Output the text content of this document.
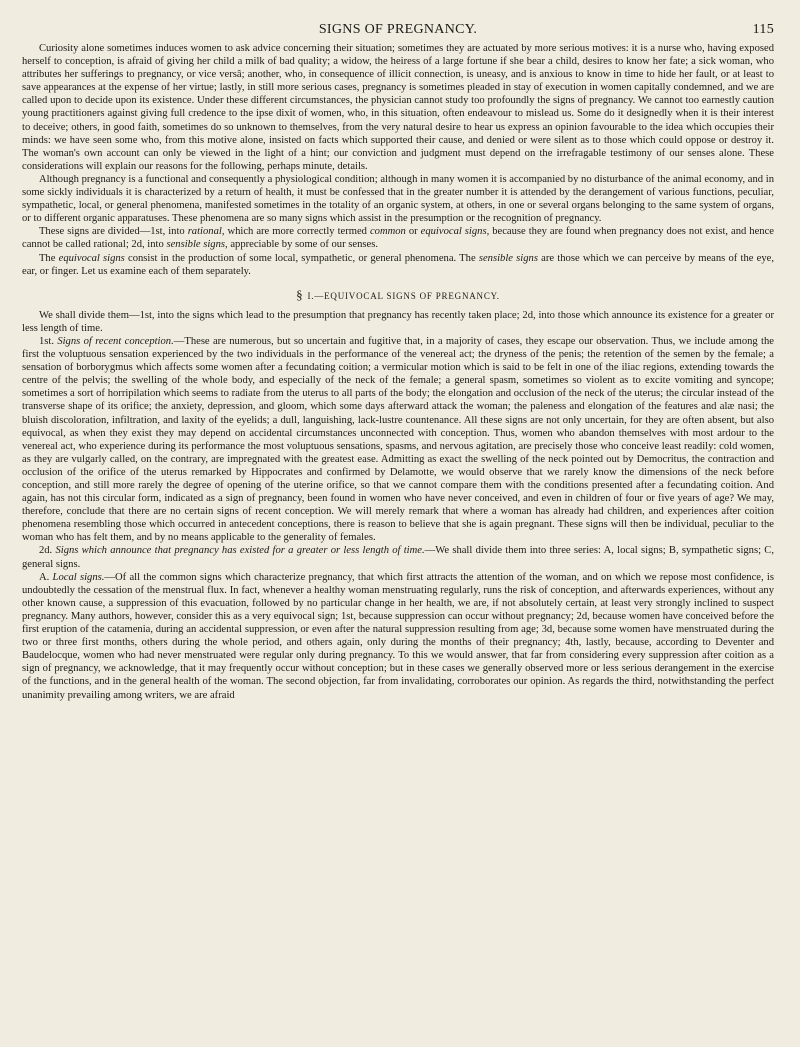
SIGNS OF PREGNANCY.	115

Curiosity alone sometimes induces women to ask advice concerning their situation; sometimes they are actuated by more serious motives: it is a nurse who, having exposed herself to conception, is afraid of giving her child a milk of bad quality; a widow, the heiress of a large fortune if she bear a child, desires to know her fate; a sick woman, who attributes her sufferings to pregnancy, or vice versâ; another, who, in consequence of illicit connection, is uneasy, and is anxious to know in time to hide her fault, or at least to save appearances at the expense of her virtue; lastly, in still more serious cases, pregnancy is sometimes pleaded in stay of execution in women capitally condemned, and we are called upon to decide upon its existence. Under these different circumstances, the physician cannot study too profoundly the signs of pregnancy. We cannot too earnestly caution young practitioners against giving full credence to the ipse dixit of women, who, in this situation, often endeavour to mislead us. Some do it designedly when it is their interest to deceive; others, in good faith, sometimes do so unknown to themselves, from the very natural desire to hear us express an opinion favourable to the idea which occupies their minds: we have seen some who, from this motive alone, insisted on facts which supported their cause, and denied or were silent as to those which could oppose or destroy it. The woman's own account can only be viewed in the light of a hint; our conviction and judgment must depend on the irrefragable testimony of our senses alone. These considerations will explain our reasons for the following, perhaps minute, details.

Although pregnancy is a functional and consequently a physiological condition; although in many women it is accompanied by no disturbance of the animal economy, and in some sickly individuals it is characterized by a return of health, it must be confessed that in the greater number it is attended by the derangement of various functions, peculiar, sympathetic, local, or general phenomena, manifested sometimes in the totality of an organic system, at others, in one or several organs belonging to the same system of organs, or to different organic apparatuses. These phenomena are so many signs which assist in the presumption or the recognition of pregnancy.

These signs are divided—1st, into rational, which are more correctly termed common or equivocal signs, because they are found when pregnancy does not exist, and hence cannot be called rational; 2d, into sensible signs, appreciable by some of our senses.

The equivocal signs consist in the production of some local, sympathetic, or general phenomena. The sensible signs are those which we can perceive by means of the eye, ear, or finger. Let us examine each of them separately.

§ I.—EQUIVOCAL SIGNS OF PREGNANCY.

We shall divide them—1st, into the signs which lead to the presumption that pregnancy has recently taken place; 2d, into those which announce its existence for a greater or less length of time.

1st. Signs of recent conception.—These are numerous, but so uncertain and fugitive that, in a majority of cases, they escape our observation. Thus, we include among the first the voluptuous sensation experienced by the two individuals in the performance of the venereal act; the dryness of the penis; the retention of the semen by the female; a sensation of borborygmus which affects some women after a fecundating coition; a vermicular motion which is said to be felt in one of the iliac regions, extending towards the centre of the pelvis; the swelling of the whole body, and especially of the neck of the female; a general spasm, sometimes so violent as to excite vomiting and syncope; sometimes a sort of horripilation which seems to radiate from the uterus to all parts of the body; the elongation and occlusion of the neck of the uterus; the circular instead of the transverse shape of its orifice; the anxiety, depression, and gloom, which some days afterward attack the woman; the paleness and elongation of the features and alæ nasi; the bluish discoloration, infiltration, and laxity of the eyelids; a dull, languishing, lack-lustre countenance. All these signs are not only uncertain, for they are often absent, but also equivocal, as when they exist they may depend on accidental circumstances unconnected with conception. Thus, women who abandon themselves with most ardour to the venereal act, who experience during its performance the most voluptuous sensations, spasms, and nervous agitation, are precisely those who conceive least readily: cold women, as they are vulgarly called, on the contrary, are impregnated with the greatest ease. Admitting as exact the swelling of the neck pointed out by Democritus, the contraction and occlusion of the orifice of the uterus remarked by Hippocrates and confirmed by Delamotte, we would observe that we rarely know the dimensions of the neck before conception, and still more rarely the degree of opening of the uterine orifice, so that we cannot compare them with the conditions presented after a fecundating coition. And again, has not this circular form, indicated as a sign of pregnancy, been found in women who have never conceived, and even in children of four or five years of age? We may, therefore, conclude that there are no certain signs of recent conception. We will merely remark that where a woman has already had children, and experiences after coition phenomena resembling those which occurred in antecedent conceptions, there is reason to believe that she is again pregnant. These signs will then be individual, peculiar to the woman who has felt them, and by no means applicable to the generality of females.

2d. Signs which announce that pregnancy has existed for a greater or less length of time.—We shall divide them into three series: A, local signs; B, sympathetic signs; C, general signs.

A. Local signs.—Of all the common signs which characterize pregnancy, that which first attracts the attention of the woman, and on which we repose most confidence, is undoubtedly the cessation of the menstrual flux. In fact, whenever a healthy woman menstruating regularly, runs the risk of conception, and afterwards experiences, without any other known cause, a suppression of this evacuation, followed by no particular change in her health, we are, if not absolutely certain, at least very strongly inclined to suspect pregnancy. Many authors, however, consider this as a very equivocal sign; 1st, because suppression can occur without pregnancy; 2d, because women have conceived before the first eruption of the catamenia, during an accidental suppression, or even after the natural suppression resulting from age; 3d, because some women have menstruated during the two or three first months, others during the whole period, and others again, only during the months of their pregnancy; 4th, lastly, because, according to Deventer and Baudelocque, women who had never menstruated were regular only during pregnancy. To this we would answer, that far from considering every suppression after coition as a sign of pregnancy, we acknowledge, that it may frequently occur without conception; but in these cases we generally observed more or less serious derangement in the exercise of the functions, and in the general health of the woman. The second objection, far from invalidating, corroborates our opinion. As regards the third, notwithstanding the perfect unanimity prevailing among writers, we are afraid
